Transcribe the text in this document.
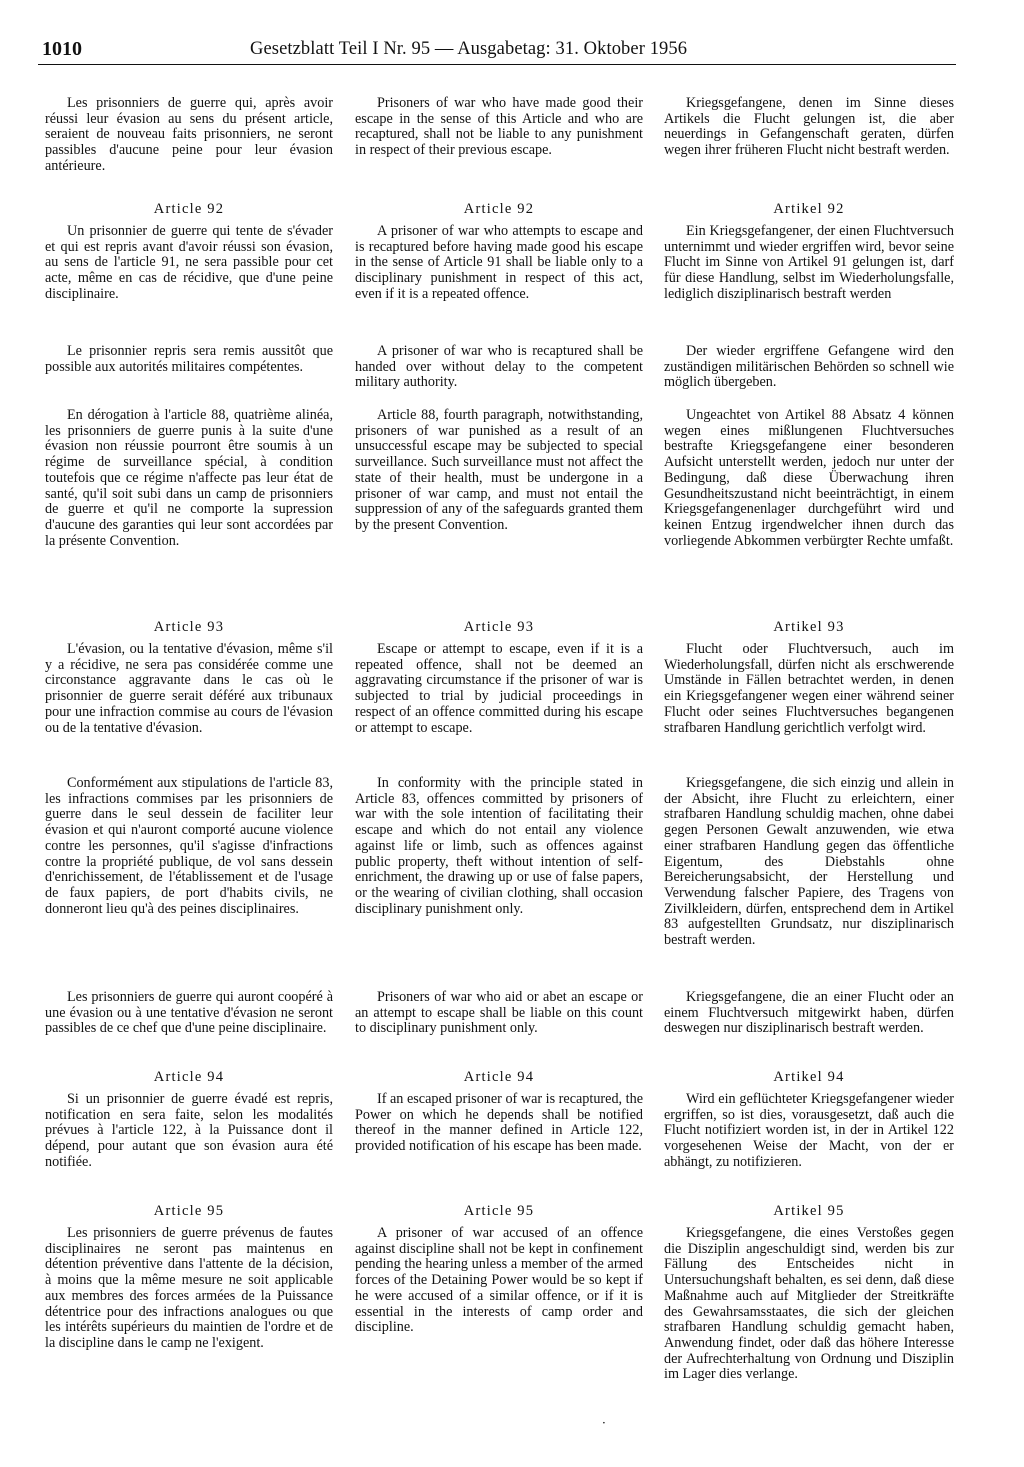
1010	Gesetzblatt Teil I Nr. 95 — Ausgabetag: 31. Oktober 1956

Les prisonniers de guerre qui, après avoir réussi leur évasion au sens du présent article, seraient de nouveau faits prisonniers, ne seront passibles d'aucune peine pour leur évasion antérieure.

Article 92

Un prisonnier de guerre qui tente de s'évader et qui est repris avant d'avoir réussi son évasion, au sens de l'article 91, ne sera passible pour cet acte, même en cas de récidive, que d'une peine disciplinaire.

Le prisonnier repris sera remis aussitôt que possible aux autorités militaires compétentes.

En dérogation à l'article 88, quatrième alinéa, les prisonniers de guerre punis à la suite d'une évasion non réussie pourront être soumis à un régime de surveillance spécial, à condition toutefois que ce régime n'affecte pas leur état de santé, qu'il soit subi dans un camp de prisonniers de guerre et qu'il ne comporte la supression d'aucune des garanties qui leur sont accordées par la présente Convention.

Article 93

L'évasion, ou la tentative d'évasion, même s'il y a récidive, ne sera pas considérée comme une circonstance aggravante dans le cas où le prisonnier de guerre serait déféré aux tribunaux pour une infraction commise au cours de l'évasion ou de la tentative d'évasion.

Conformément aux stipulations de l'article 83, les infractions commises par les prisonniers de guerre dans le seul dessein de faciliter leur évasion et qui n'auront comporté aucune violence contre les personnes, qu'il s'agisse d'infractions contre la propriété publique, de vol sans dessein d'enrichissement, de l'établissement et de l'usage de faux papiers, de port d'habits civils, ne donneront lieu qu'à des peines disciplinaires.

Les prisonniers de guerre qui auront coopéré à une évasion ou à une tentative d'évasion ne seront passibles de ce chef que d'une peine disciplinaire.

Article 94

Si un prisonnier de guerre évadé est repris, notification en sera faite, selon les modalités prévues à l'article 122, à la Puissance dont il dépend, pour autant que son évasion aura été notifiée.

Article 95

Les prisonniers de guerre prévenus de fautes disciplinaires ne seront pas maintenus en détention préventive dans l'attente de la décision, à moins que la même mesure ne soit applicable aux membres des forces armées de la Puissance détentrice pour des infractions analogues ou que les intérêts supérieurs du maintien de l'ordre et de la discipline dans le camp ne l'exigent.

Prisoners of war who have made good their escape in the sense of this Article and who are recaptured, shall not be liable to any punishment in respect of their previous escape.

Article 92

A prisoner of war who attempts to escape and is recaptured before having made good his escape in the sense of Article 91 shall be liable only to a disciplinary punishment in respect of this act, even if it is a repeated offence.

A prisoner of war who is recaptured shall be handed over without delay to the competent military authority.

Article 88, fourth paragraph, notwithstanding, prisoners of war punished as a result of an unsuccessful escape may be subjected to special surveillance. Such surveillance must not affect the state of their health, must be undergone in a prisoner of war camp, and must not entail the suppression of any of the safeguards granted them by the present Convention.

Article 93

Escape or attempt to escape, even if it is a repeated offence, shall not be deemed an aggravating circumstance if the prisoner of war is subjected to trial by judicial proceedings in respect of an offence committed during his escape or attempt to escape.

In conformity with the principle stated in Article 83, offences committed by prisoners of war with the sole intention of facilitating their escape and which do not entail any violence against life or limb, such as offences against public property, theft without intention of self-enrichment, the drawing up or use of false papers, or the wearing of civilian clothing, shall occasion disciplinary punishment only.

Prisoners of war who aid or abet an escape or an attempt to escape shall be liable on this count to disciplinary punishment only.

Article 94

If an escaped prisoner of war is recaptured, the Power on which he depends shall be notified thereof in the manner defined in Article 122, provided notification of his escape has been made.

Article 95

A prisoner of war accused of an offence against discipline shall not be kept in confinement pending the hearing unless a member of the armed forces of the Detaining Power would be so kept if he were accused of a similar offence, or if it is essential in the interests of camp order and discipline.

Kriegsgefangene, denen im Sinne dieses Artikels die Flucht gelungen ist, die aber neuerdings in Gefangenschaft geraten, dürfen wegen ihrer früheren Flucht nicht bestraft werden.

Artikel 92

Ein Kriegsgefangener, der einen Fluchtversuch unternimmt und wieder ergriffen wird, bevor seine Flucht im Sinne von Artikel 91 gelungen ist, darf für diese Handlung, selbst im Wiederholungsfalle, lediglich disziplinarisch bestraft werden

Der wieder ergriffene Gefangene wird den zuständigen militärischen Behörden so schnell wie möglich übergeben.

Ungeachtet von Artikel 88 Absatz 4 können wegen eines mißlungenen Fluchtversuches bestrafte Kriegsgefangene einer besonderen Aufsicht unterstellt werden, jedoch nur unter der Bedingung, daß diese Überwachung ihren Gesundheitszustand nicht beeinträchtigt, in einem Kriegsgefangenenlager durchgeführt wird und keinen Entzug irgendwelcher ihnen durch das vorliegende Abkommen verbürgter Rechte umfaßt.

Artikel 93

Flucht oder Fluchtversuch, auch im Wiederholungsfall, dürfen nicht als erschwerende Umstände in Fällen betrachtet werden, in denen ein Kriegsgefangener wegen einer während seiner Flucht oder seines Fluchtversuches begangenen strafbaren Handlung gerichtlich verfolgt wird.

Kriegsgefangene, die sich einzig und allein in der Absicht, ihre Flucht zu erleichtern, einer strafbaren Handlung schuldig machen, ohne dabei gegen Personen Gewalt anzuwenden, wie etwa einer strafbaren Handlung gegen das öffentliche Eigentum, des Diebstahls ohne Bereicherungsabsicht, der Herstellung und Verwendung falscher Papiere, des Tragens von Zivilkleidern, dürfen, entsprechend dem in Artikel 83 aufgestellten Grundsatz, nur disziplinarisch bestraft werden.

Kriegsgefangene, die an einer Flucht oder an einem Fluchtversuch mitgewirkt haben, dürfen deswegen nur disziplinarisch bestraft werden.

Artikel 94

Wird ein geflüchteter Kriegsgefangener wieder ergriffen, so ist dies, vorausgesetzt, daß auch die Flucht notifiziert worden ist, in der in Artikel 122 vorgesehenen Weise der Macht, von der er abhängt, zu notifizieren.

Artikel 95

Kriegsgefangene, die eines Verstoßes gegen die Disziplin angeschuldigt sind, werden bis zur Fällung des Entscheides nicht in Untersuchungshaft behalten, es sei denn, daß diese Maßnahme auch auf Mitglieder der Streitkräfte des Gewahrsamsstaates, die sich der gleichen strafbaren Handlung schuldig gemacht haben, Anwendung findet, oder daß das höhere Interesse der Aufrechterhaltung von Ordnung und Disziplin im Lager dies verlange.

·
